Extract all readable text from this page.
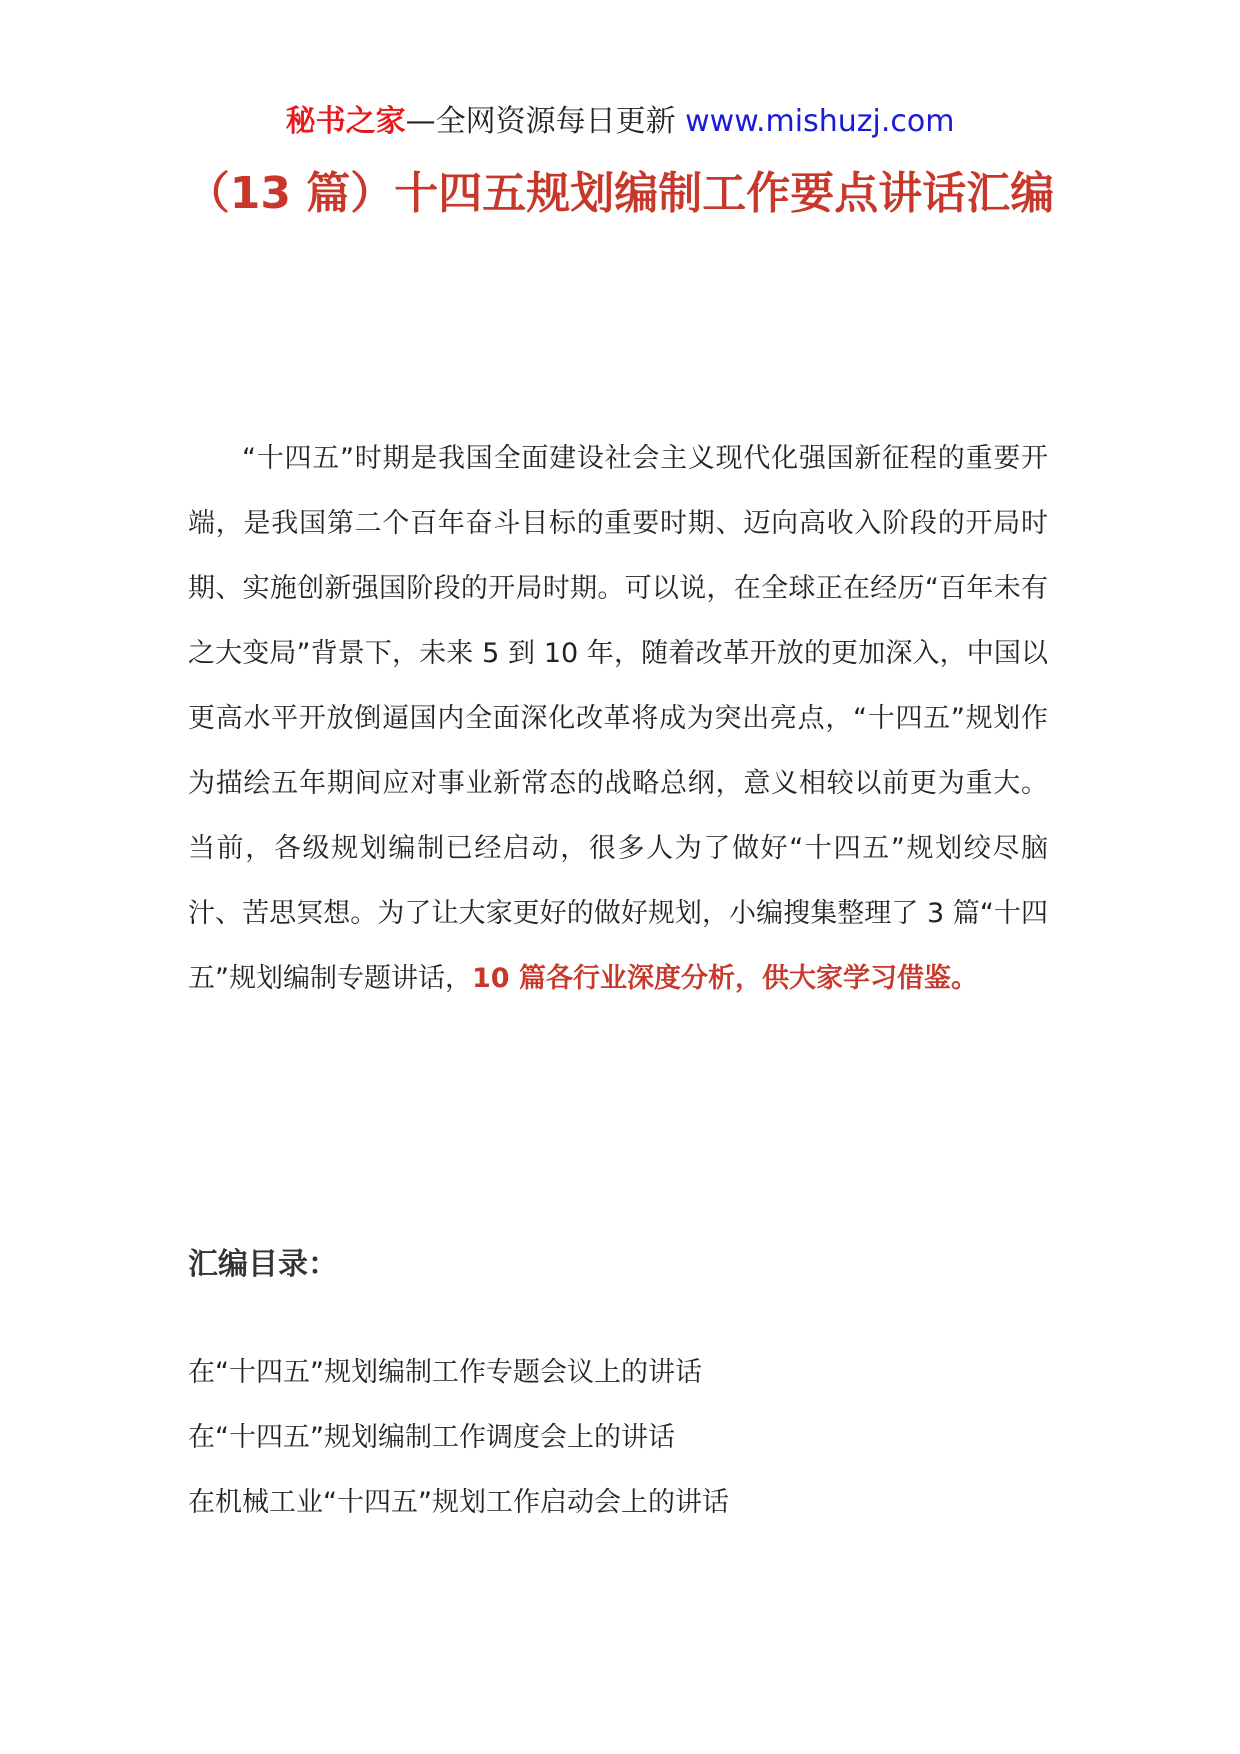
秘书之家—全网资源每日更新 www.mishuzj.com
（13 篇）十四五规划编制工作要点讲话汇编

“十四五”时期是我国全面建设社会主义现代化强国新征程的重要开端，是我国第二个百年奋斗目标的重要时期、迈向高收入阶段的开局时期、实施创新强国阶段的开局时期。可以说，在全球正在经历“百年未有之大变局”背景下，未来 5 到 10 年，随着改革开放的更加深入，中国以更高水平开放倒逼国内全面深化改革将成为突出亮点，“十四五”规划作为描绘五年期间应对事业新常态的战略总纲，意义相较以前更为重大。当前，各级规划编制已经启动，很多人为了做好“十四五”规划绞尽脑汁、苦思冥想。为了让大家更好的做好规划，小编搜集整理了 3 篇“十四五”规划编制专题讲话，10 篇各行业深度分析，供大家学习借鉴。

汇编目录：
在“十四五”规划编制工作专题会议上的讲话
在“十四五”规划编制工作调度会上的讲话
在机械工业“十四五”规划工作启动会上的讲话
